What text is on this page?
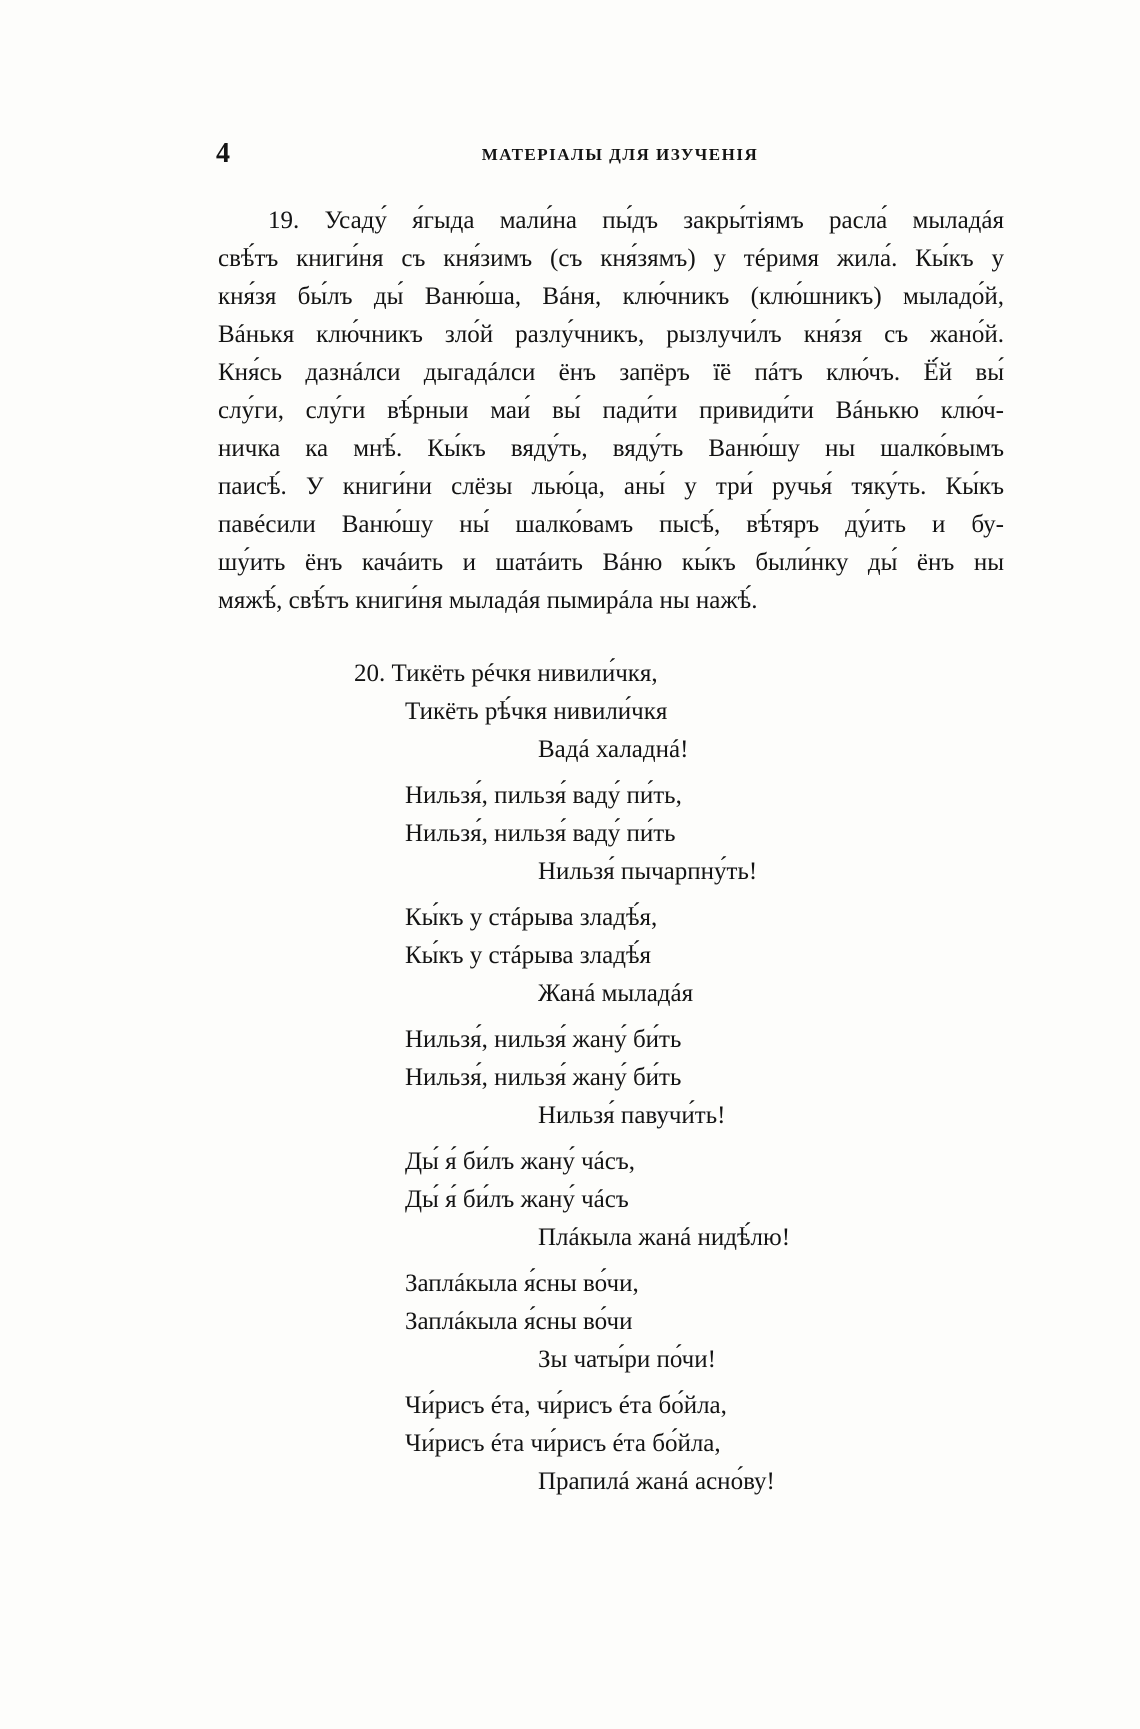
4	МАТЕРІАЛЫ ДЛЯ ИЗУЧЕНІЯ
19. Усаду́ я́гыда мали́на пы́дъ закры́тіямъ расла́ мыладáя
свѣ́тъ книги́ня съ кня́зимъ (съ кня́зямъ) у тéримя жила́. Кы́къ у
кня́зя бы́лъ ды́ Ваню́ша, Вáня, клю́чникъ (клю́шникъ) мыладо́й,
Вáнькя клю́чникъ зло́й разлу́чникъ, рызлучи́лъ кня́зя съ жано́й.
Кня́сь дазнáлси дыгадáлси ёнъ запёръ ї̈ё пáтъ клю́чъ. Ё́й вы́
слу́ги, слу́ги вѣ́рныи маи́ вы́ пади́ти привиди́ти Вáнькю клю́ч-
ничка ка мнѣ́. Кы́къ вяду́ть, вяду́ть Ваню́шу ны шалко́вымъ
паисѣ́. У книги́ни слёзы лью́ца, аны́ у три́ ручья́ тяку́ть. Кы́къ
павéсили Ваню́шу ны́ шалко́вамъ пысѣ́, вѣ́тяръ ду́ить и бу-
шу́ить ёнъ качáить и шатáить Вáню кы́къ были́нку ды́ ёнъ ны
мяжѣ́, свѣ́тъ книги́ня мыладáя пымирáла ны нажѣ́.
20. Тикёть рéчкя нивили́чкя,
Тикёть рѣ́чкя нивили́чкя
Вадá халаднá!
Нильзя́, пильзя́ ваду́ пи́ть,
Нильзя́, нильзя́ ваду́ пи́ть
Нильзя́ пычарпну́ть!
Кы́къ у стáрыва зладѣ́я,
Кы́къ у стáрыва зладѣ́я
Жанá мыладáя
Нильзя́, нильзя́ жану́ би́ть
Нильзя́, нильзя́ жану́ би́ть
Нильзя́ павучи́ть!
Ды́ я́ би́лъ жану́ чáсъ,
Ды́ я́ би́лъ жану́ чáсъ
Плáкыла жанá нидѣ́лю!
Заплáкыла я́сны во́чи,
Заплáкыла я́сны во́чи
Зы чаты́ри по́чи!
Чи́рисъ éта, чи́рисъ éта бо́йла,
Чи́рисъ éта чи́рисъ éта бо́йла,
Прапилá жанá асно́ву!
